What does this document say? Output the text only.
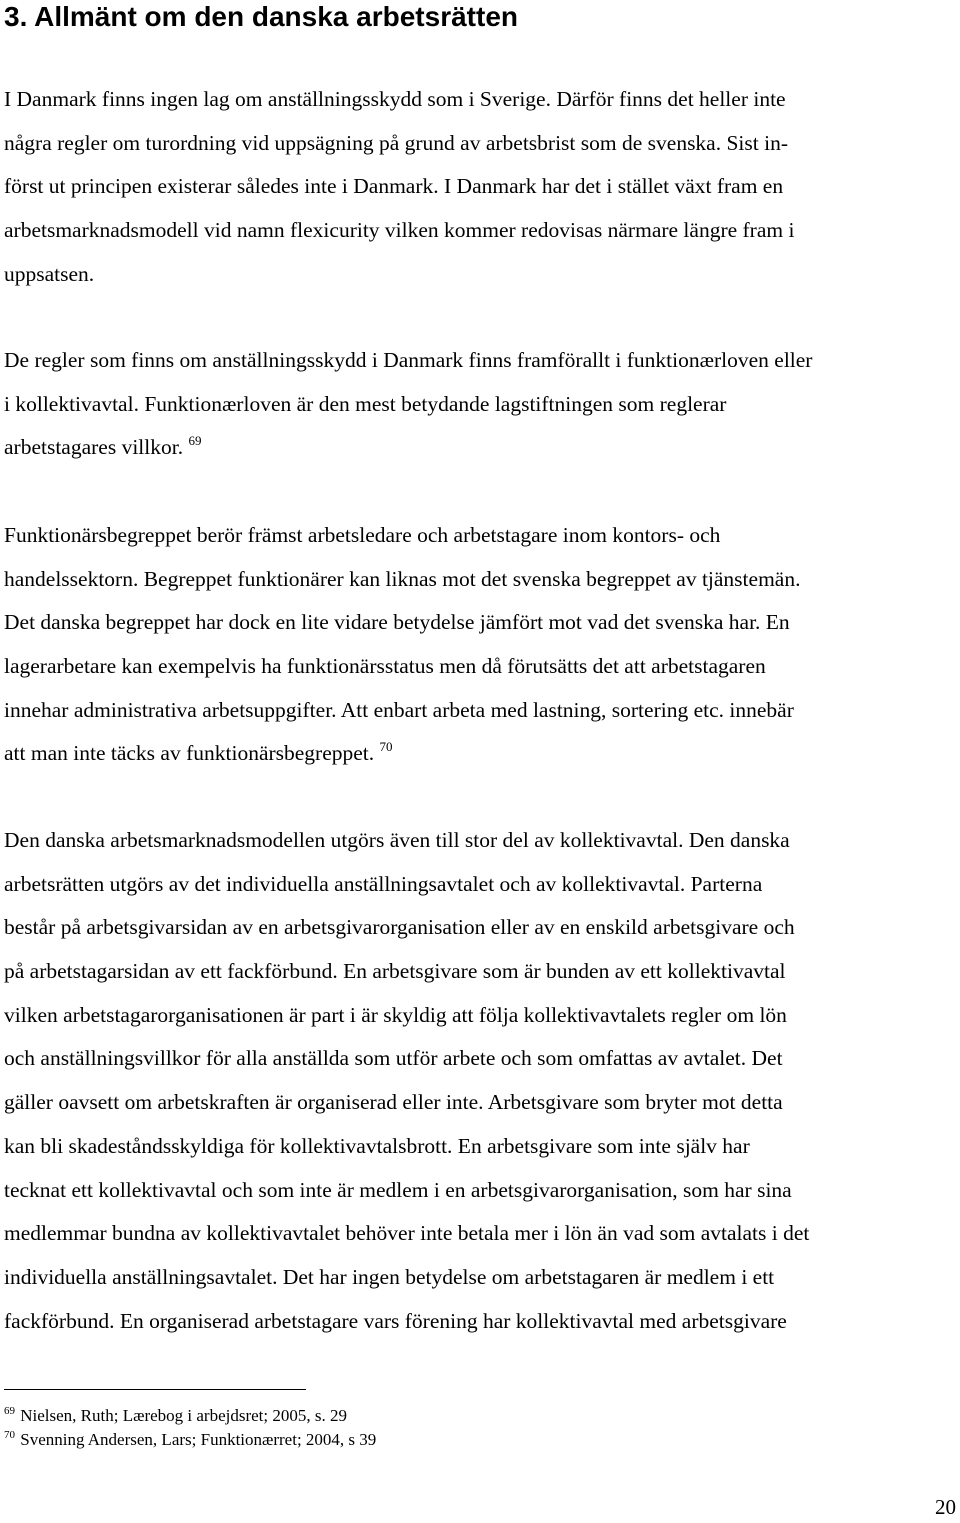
3. Allmänt om den danska arbetsrätten
I Danmark finns ingen lag om anställningsskydd som i Sverige. Därför finns det heller inte
några regler om turordning vid uppsägning på grund av arbetsbrist som de svenska. Sist in-
först ut principen existerar således inte i Danmark. I Danmark har det i stället växt fram en
arbetsmarknadsmodell vid namn flexicurity vilken kommer redovisas närmare längre fram i
uppsatsen.
De regler som finns om anställningsskydd i Danmark finns framförallt i funktionærloven eller
i kollektivavtal. Funktionærloven är den mest betydande lagstiftningen som reglerar
arbetstagares villkor. $^{69}$
Funktionärsbegreppet berör främst arbetsledare och arbetstagare inom kontors- och
handelssektorn. Begreppet funktionärer kan liknas mot det svenska begreppet av tjänstemän.
Det danska begreppet har dock en lite vidare betydelse jämfört mot vad det svenska har. En
lagerarbetare kan exempelvis ha funktionärsstatus men då förutsätts det att arbetstagaren
innehar administrativa arbetsuppgifter. Att enbart arbeta med lastning, sortering etc. innebär
att man inte täcks av funktionärsbegreppet. $^{70}$
Den danska arbetsmarknadsmodellen utgörs även till stor del av kollektivavtal. Den danska
arbetsrätten utgörs av det individuella anställningsavtalet och av kollektivavtal. Parterna
består på arbetsgivarsidan av en arbetsgivarorganisation eller av en enskild arbetsgivare och
på arbetstagarsidan av ett fackförbund. En arbetsgivare som är bunden av ett kollektivavtal
vilken arbetstagarorganisationen är part i är skyldig att följa kollektivavtalets regler om lön
och anställningsvillkor för alla anställda som utför arbete och som omfattas av avtalet. Det
gäller oavsett om arbetskraften är organiserad eller inte. Arbetsgivare som bryter mot detta
kan bli skadeståndsskyldiga för kollektivavtalsbrott. En arbetsgivare som inte själv har
tecknat ett kollektivavtal och som inte är medlem i en arbetsgivarorganisation, som har sina
medlemmar bundna av kollektivavtalet behöver inte betala mer i lön än vad som avtalats i det
individuella anställningsavtalet. Det har ingen betydelse om arbetstagaren är medlem i ett
fackförbund. En organiserad arbetstagare vars förening har kollektivavtal med arbetsgivare
$^{69}$ Nielsen, Ruth; Lærebog i arbejdsret; 2005, s. 29
$^{70}$ Svenning Andersen, Lars; Funktionærret; 2004, s 39
20
